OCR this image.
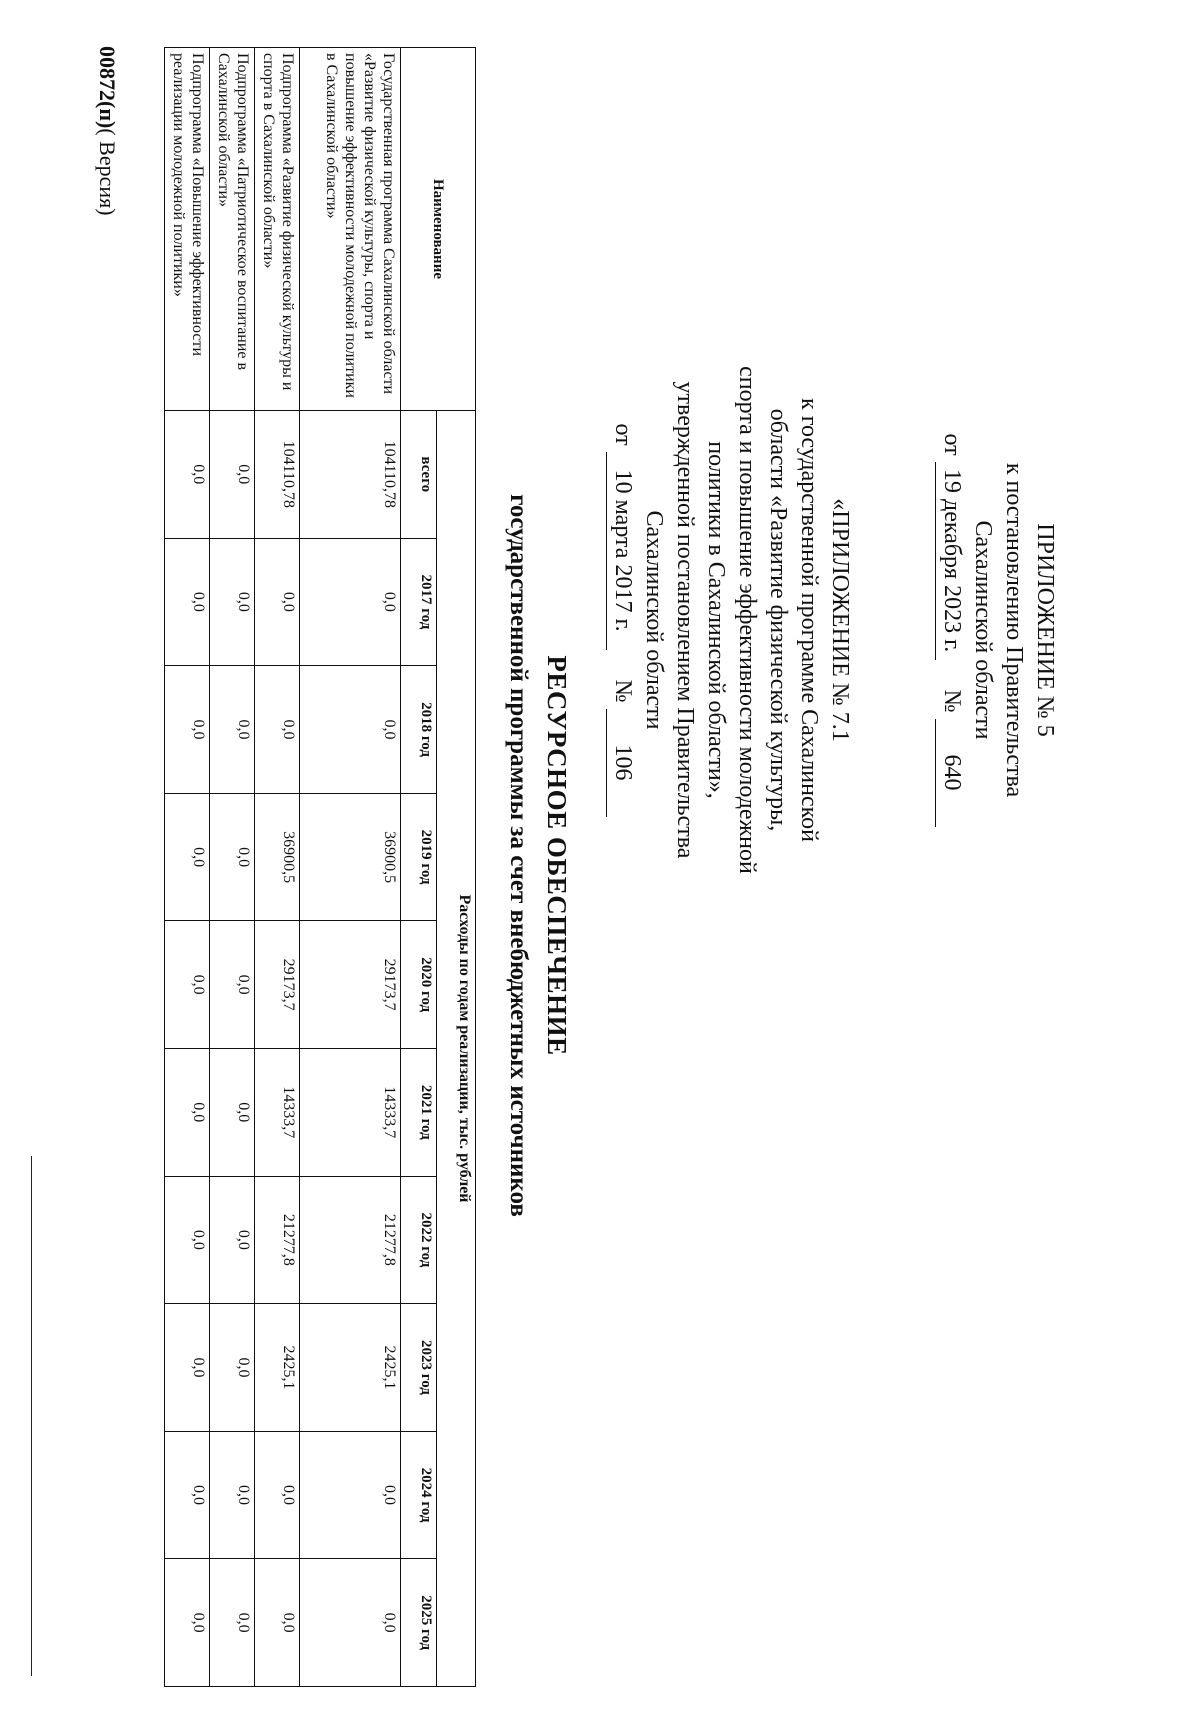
ПРИЛОЖЕНИЕ № 5
к постановлению Правительства
Сахалинской области
от 19 декабря 2023 г.     № 640
«ПРИЛОЖЕНИЕ № 7.1
к государственной программе Сахалинской
области «Развитие физической культуры,
спорта и повышение эффективности молодежной
политики в Сахалинской области»,
утвержденной постановлением Правительства
Сахалинской области
от 10 марта 2017 г.     № 106
РЕСУРСНОЕ ОБЕСПЕЧЕНИЕ
государственной программы за счет внебюджетных источников
Наименование	Расходы по годам реализации, тыс. рублей									
	всего	2017 год	2018 год	2019 год	2020 год	2021 год	2022 год	2023 год	2024 год	2025 год
Государственная программа Сахалинской области «Развитие физической культуры, спорта и повышение эффективности молодежной политики в Сахалинской области»	104110,78	0,0	0,0	36900,5	29173,7	14333,7	21277,8	2425,1	0,0	0,0
Подпрограмма «Развитие физической культуры и спорта в Сахалинской области»	104110,78	0,0	0,0	36900,5	29173,7	14333,7	21277,8	2425,1	0,0	0,0
Подпрограмма «Патриотическое воспитание в Сахалинской области»	0,0	0,0	0,0	0,0	0,0	0,0	0,0	0,0	0,0	0,0
Подпрограмма «Повышение эффективности реализации молодежной политики»	0,0	0,0	0,0	0,0	0,0	0,0	0,0	0,0	0,0	0,0
00872(п)( Версия)
